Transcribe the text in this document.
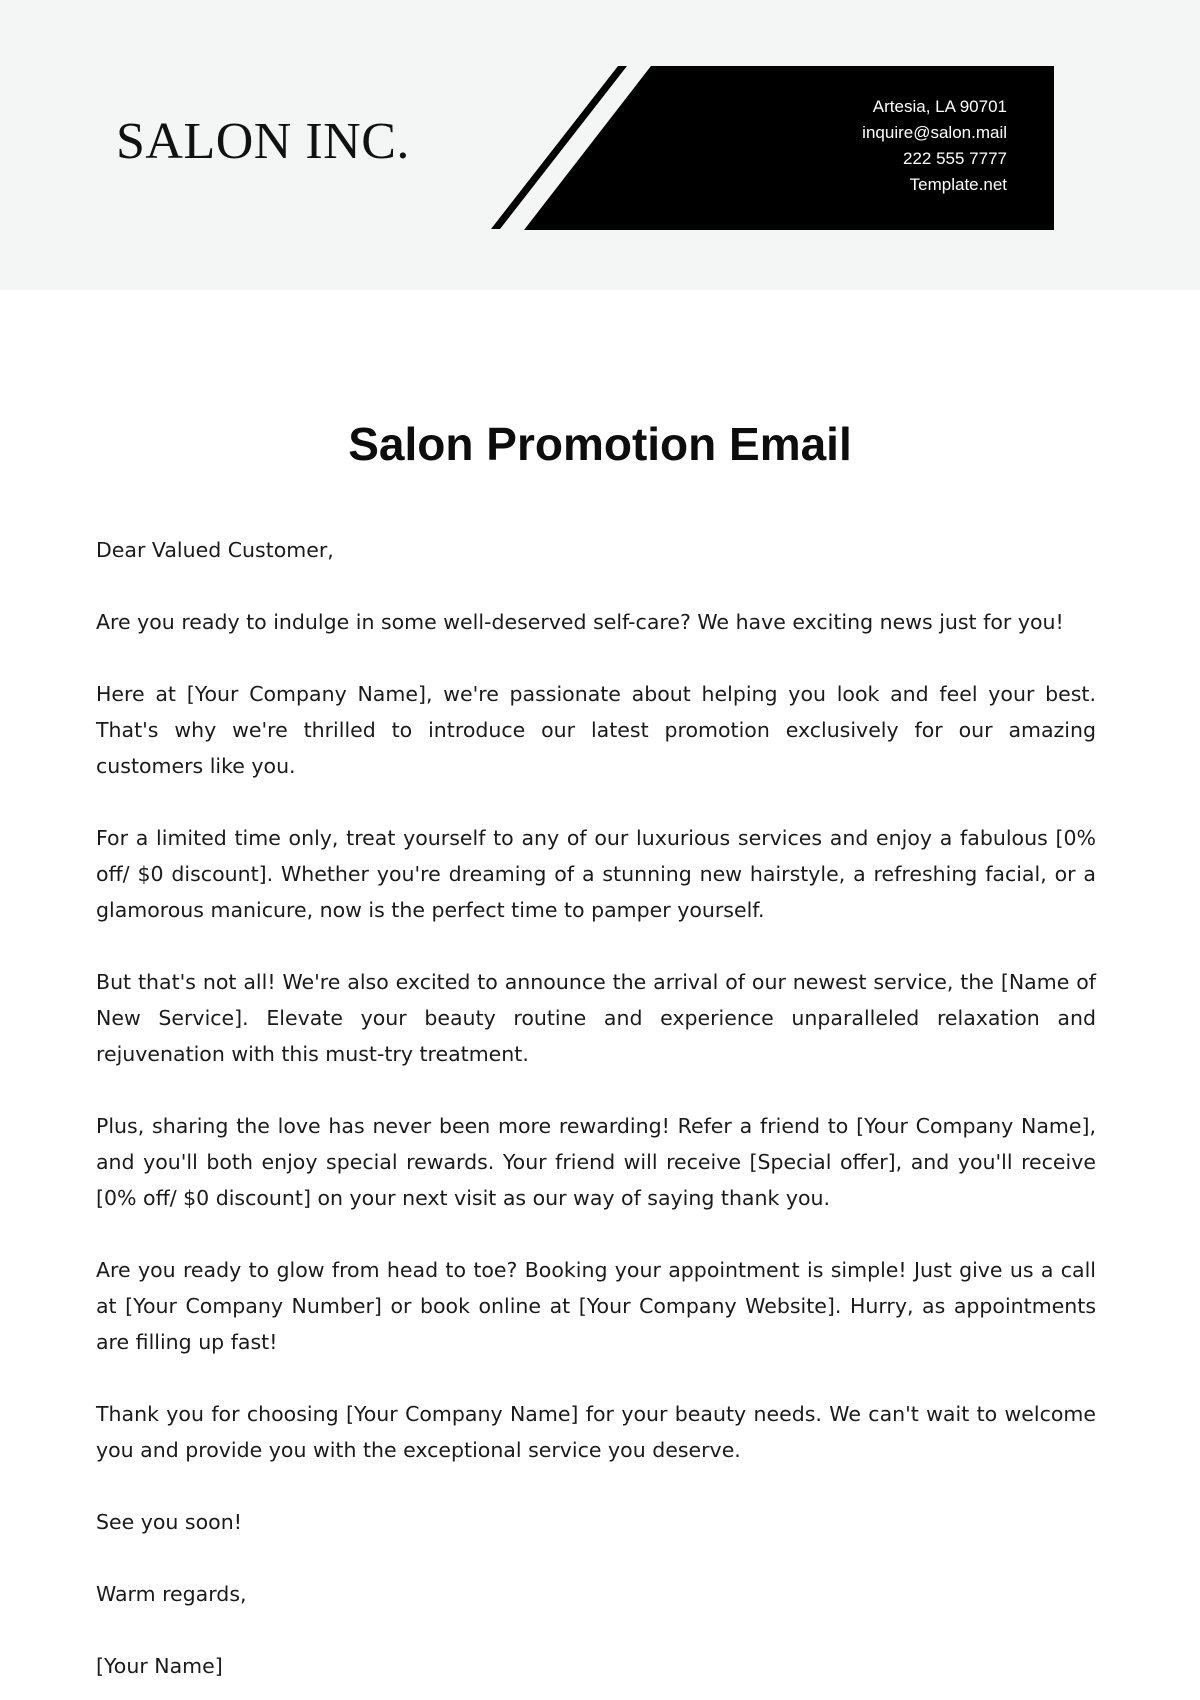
SALON INC.
Artesia, LA 90701
inquire@salon.mail
222 555 7777
Template.net
Salon Promotion Email

Dear Valued Customer,

Are you ready to indulge in some well-deserved self-care? We have exciting news just for you!

Here at [Your Company Name], we're passionate about helping you look and feel your best. That's why we're thrilled to introduce our latest promotion exclusively for our amazing customers like you.

For a limited time only, treat yourself to any of our luxurious services and enjoy a fabulous [0% off/ $0 discount]. Whether you're dreaming of a stunning new hairstyle, a refreshing facial, or a glamorous manicure, now is the perfect time to pamper yourself.

But that's not all! We're also excited to announce the arrival of our newest service, the [Name of New Service]. Elevate your beauty routine and experience unparalleled relaxation and rejuvenation with this must-try treatment.

Plus, sharing the love has never been more rewarding! Refer a friend to [Your Company Name], and you'll both enjoy special rewards. Your friend will receive [Special offer], and you'll receive [0% off/ $0 discount] on your next visit as our way of saying thank you.

Are you ready to glow from head to toe? Booking your appointment is simple! Just give us a call at [Your Company Number] or book online at [Your Company Website]. Hurry, as appointments are filling up fast!

Thank you for choosing [Your Company Name] for your beauty needs. We can't wait to welcome you and provide you with the exceptional service you deserve.

See you soon!

Warm regards,

[Your Name]
